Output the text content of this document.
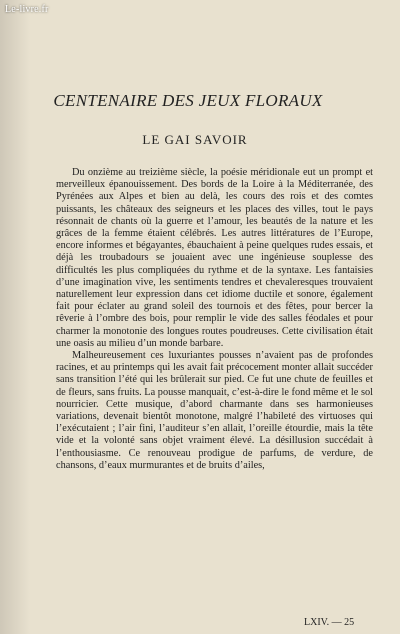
Le-livre.fr
CENTENAIRE DES JEUX FLORAUX
LE GAI SAVOIR

Du onzième au treizième siècle, la poésie méridionale eut un prompt et merveilleux épanouissement. Des bords de la Loire à la Méditerranée, des Pyrénées aux Alpes et bien au delà, les cours des rois et des comtes puissants, les châteaux des seigneurs et les places des villes, tout le pays résonnait de chants où la guerre et l’amour, les beautés de la nature et les grâces de la femme étaient célébrés. Les autres littératures de l’Europe, encore informes et bégayantes, ébauchaient à peine quelques rudes essais, et déjà les troubadours se jouaient avec une ingénieuse souplesse des difficultés les plus compliquées du rythme et de la syntaxe. Les fantaisies d’une imagination vive, les sentiments tendres et chevaleresques trouvaient naturellement leur expression dans cet idiome ductile et sonore, également fait pour éclater au grand soleil des tournois et des fêtes, pour bercer la rêverie à l’ombre des bois, pour remplir le vide des salles féodales et pour charmer la monotonie des longues routes poudreuses. Cette civilisation était une oasis au milieu d’un monde barbare.

Malheureusement ces luxuriantes pousses n’avaient pas de profondes racines, et au printemps qui les avait fait précocement monter allait succéder sans transition l’été qui les brûlerait sur pied. Ce fut une chute de feuilles et de fleurs, sans fruits. La pousse manquait, c’est-à-dire le fond même et le sol nourricier. Cette musique, d’abord charmante dans ses harmonieuses variations, devenait bientôt monotone, malgré l’habileté des virtuoses qui l’exécutaient ; l’air fini, l’auditeur s’en allait, l’oreille étourdie, mais la tête vide et la volonté sans objet vraiment élevé. La désillusion succédait à l’enthousiasme. Ce renouveau prodigue de parfums, de verdure, de chansons, d’eaux murmurantes et de bruits d’ailes,

LXIV. — 25
